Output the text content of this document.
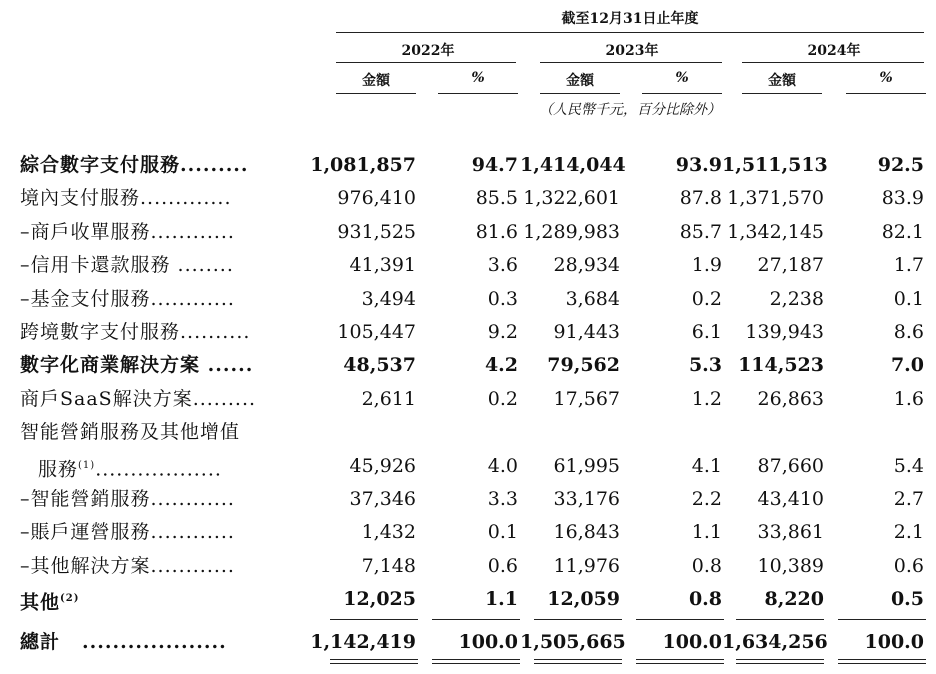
截至12月31日止年度
2022年	2023年	2024年
金額	%	金額	%	金額	%
（人民幣千元，百分比除外）
綜合數字支付服務.........	1,081,857	94.7 1,414,044	93.9 1,511,513	92.5
境內支付服務.............	976,410	85.5 1,322,601	87.8 1,371,570	83.9
–商戶收單服務............	931,525	81.6 1,289,983	85.7 1,342,145	82.1
–信用卡還款服務 ........	41,391	3.6	28,934	1.9	27,187	1.7
–基金支付服務............	3,494	0.3	3,684	0.2	2,238	0.1
跨境數字支付服務..........	105,447	9.2	91,443	6.1	139,943	8.6
數字化商業解決方案 ......	48,537	4.2	79,562	5.3 114,523	7.0
商戶SaaS解決方案.........	2,611	0.2	17,567	1.2	26,863	1.6
智能營銷服務及其他增值
服務$^{(1)}$..................	45,926	4.0	61,995	4.1	87,660	5.4
–智能營銷服務............	37,346	3.3	33,176	2.2	43,410	2.7
–賬戶運營服務............	1,432	0.1	16,843	1.1	33,861	2.1
–其他解決方案............	7,148	0.6	11,976	0.8	10,389	0.6
其他$^{(2)}$	12,025	1.1	12,059	0.8	8,220	0.5
總計 ...................	1,142,419	100.0 1,505,665	100.0 1,634,256	100.0
